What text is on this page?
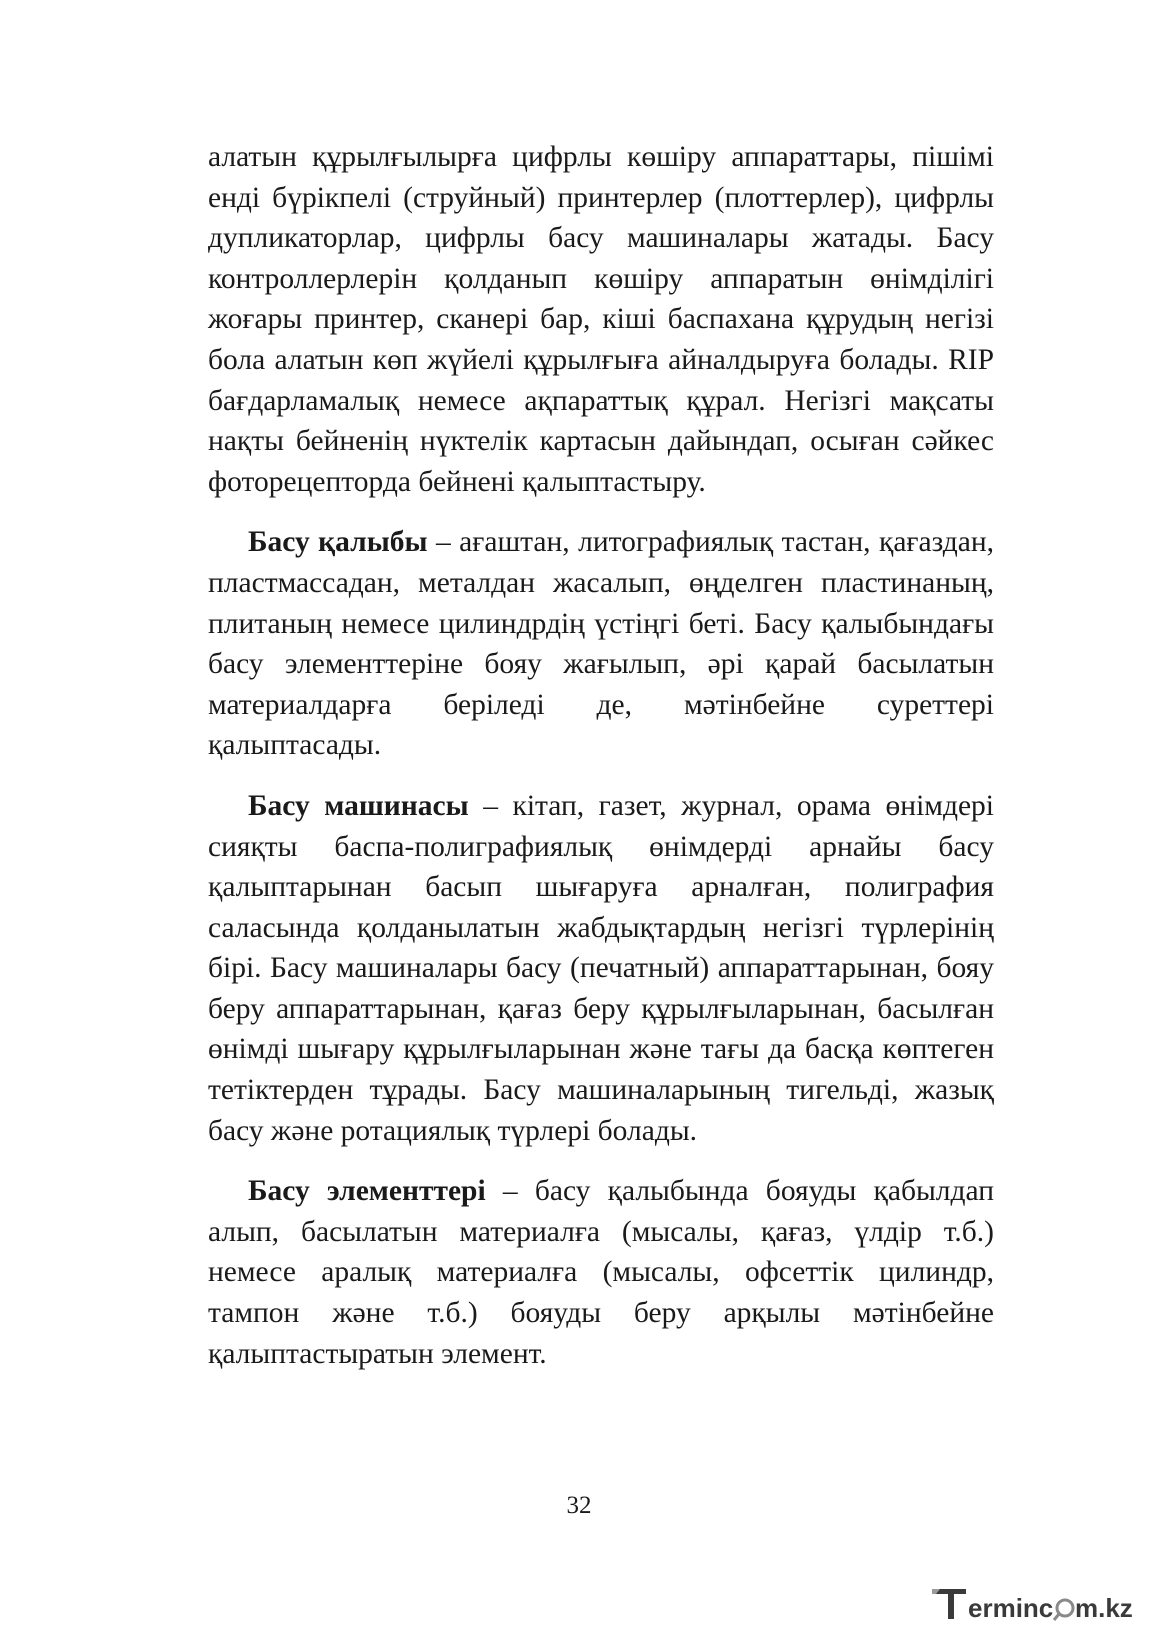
алатын құрылғылырға цифрлы көшіру аппараттары, пішімі енді бүрікпелі (струйный) принтерлер (плоттерлер), цифрлы дупликаторлар, цифрлы басу машиналары жатады. Басу контроллерлерін қолданып көшіру аппаратын өнімділігі жоғары принтер, сканері бар, кіші баспахана құрудың негізі бола алатын көп жүйелі құрылғыға айналдыруға болады. RIP бағдарламалық немесе ақпараттық құрал. Негізгі мақсаты нақты бейненің нүктелік картасын дайындап, осыған сәйкес фоторецепторда бейнені қалыптастыру.

Басу қалыбы – ағаштан, литографиялық тастан, қағаздан, пластмассадан, металдан жасалып, өңделген пластинаның, плитаның немесе цилиндрдің үстіңгі беті. Басу қалыбындағы басу элементтеріне бояу жағылып, әрі қарай басылатын материалдарға беріледі де, мәтінбейне суреттері қалыптасады.

Басу машинасы – кітап, газет, журнал, орама өнімдері сияқты баспа-полиграфиялық өнімдерді арнайы басу қалыптарынан басып шығаруға арналған, полиграфия саласында қолданылатын жабдықтардың негізгі түрлерінің бірі. Басу машиналары басу (печатный) аппараттарынан, бояу беру аппараттарынан, қағаз беру құрылғыларынан, басылған өнімді шығару құрылғыларынан және тағы да басқа көптеген тетіктерден тұрады. Басу машиналарының тигельді, жазық басу және ротациялық түрлері болады.

Басу элементтері – басу қалыбында бояуды қабылдап алып, басылатын материалға (мысалы, қағаз, үлдір т.б.) немесе аралық материалға (мысалы, офсеттік цилиндр, тампон және т.б.) бояуды беру арқылы мәтінбейне қалыптастыратын элемент.

32
erminc m.kz
